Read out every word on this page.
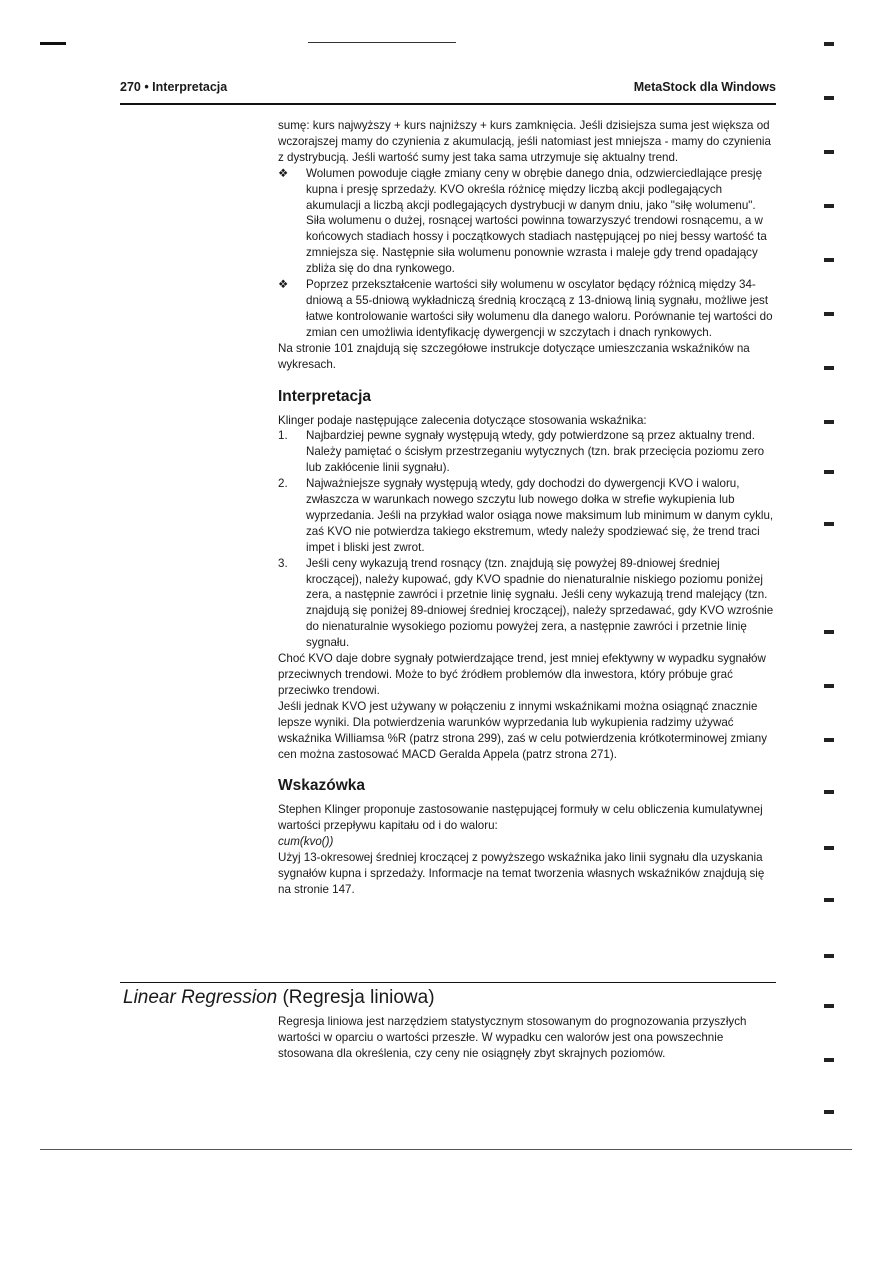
270 • Interpretacja	MetaStock dla Windows

sumę: kurs najwyższy + kurs najniższy + kurs zamknięcia. Jeśli dzisiejsza suma jest większa od wczorajszej mamy do czynienia z akumulacją, jeśli natomiast jest mniejsza - mamy do czynienia z dystrybucją. Jeśli wartość sumy jest taka sama utrzymuje się aktualny trend.

❖ Wolumen powoduje ciągłe zmiany ceny w obrębie danego dnia, odzwierciedlające presję kupna i presję sprzedaży. KVO określa różnicę między liczbą akcji podlegających akumulacji a liczbą akcji podlegających dystrybucji w danym dniu, jako "siłę wolumenu". Siła wolumenu o dużej, rosnącej wartości powinna towarzyszyć trendowi rosnącemu, a w końcowych stadiach hossy i początkowych stadiach następującej po niej bessy wartość ta zmniejsza się. Następnie siła wolumenu ponownie wzrasta i maleje gdy trend opadający zbliża się do dna rynkowego.

❖ Poprzez przekształcenie wartości siły wolumenu w oscylator będący różnicą między 34-dniową a 55-dniową wykładniczą średnią kroczącą z 13-dniową linią sygnału, możliwe jest łatwe kontrolowanie wartości siły wolumenu dla danego waloru. Porównanie tej wartości do zmian cen umożliwia identyfikację dywergencji w szczytach i dnach rynkowych.

Na stronie 101 znajdują się szczegółowe instrukcje dotyczące umieszczania wskaźników na wykresach.

Interpretacja

Klinger podaje następujące zalecenia dotyczące stosowania wskaźnika:

1. Najbardziej pewne sygnały występują wtedy, gdy potwierdzone są przez aktualny trend. Należy pamiętać o ścisłym przestrzeganiu wytycznych (tzn. brak przecięcia poziomu zero lub zakłócenie linii sygnału).

2. Najważniejsze sygnały występują wtedy, gdy dochodzi do dywergencji KVO i waloru, zwłaszcza w warunkach nowego szczytu lub nowego dołka w strefie wykupienia lub wyprzedania. Jeśli na przykład walor osiąga nowe maksimum lub minimum w danym cyklu, zaś KVO nie potwierdza takiego ekstremum, wtedy należy spodziewać się, że trend traci impet i bliski jest zwrot.

3. Jeśli ceny wykazują trend rosnący (tzn. znajdują się powyżej 89-dniowej średniej kroczącej), należy kupować, gdy KVO spadnie do nienaturalnie niskiego poziomu poniżej zera, a następnie zawróci i przetnie linię sygnału. Jeśli ceny wykazują trend malejący (tzn. znajdują się poniżej 89-dniowej średniej kroczącej), należy sprzedawać, gdy KVO wzrośnie do nienaturalnie wysokiego poziomu powyżej zera, a następnie zawróci i przetnie linię sygnału.

Choć KVO daje dobre sygnały potwierdzające trend, jest mniej efektywny w wypadku sygnałów przeciwnych trendowi. Może to być źródłem problemów dla inwestora, który próbuje grać przeciwko trendowi.

Jeśli jednak KVO jest używany w połączeniu z innymi wskaźnikami można osiągnąć znacznie lepsze wyniki. Dla potwierdzenia warunków wyprzedania lub wykupienia radzimy używać wskaźnika Williamsa %R (patrz strona 299), zaś w celu potwierdzenia krótkoterminowej zmiany cen można zastosować MACD Geralda Appela (patrz strona 271).

Wskazówka

Stephen Klinger proponuje zastosowanie następującej formuły w celu obliczenia kumulatywnej wartości przepływu kapitału od i do waloru:

cum(kvo())

Użyj 13-okresowej średniej kroczącej z powyższego wskaźnika jako linii sygnału dla uzyskania sygnałów kupna i sprzedaży. Informacje na temat tworzenia własnych wskaźników znajdują się na stronie 147.

Linear Regression (Regresja liniowa)
Regresja liniowa jest narzędziem statystycznym stosowanym do prognozowania przyszłych wartości w oparciu o wartości przeszłe. W wypadku cen walorów jest ona powszechnie stosowana dla określenia, czy ceny nie osiągnęły zbyt skrajnych poziomów.
